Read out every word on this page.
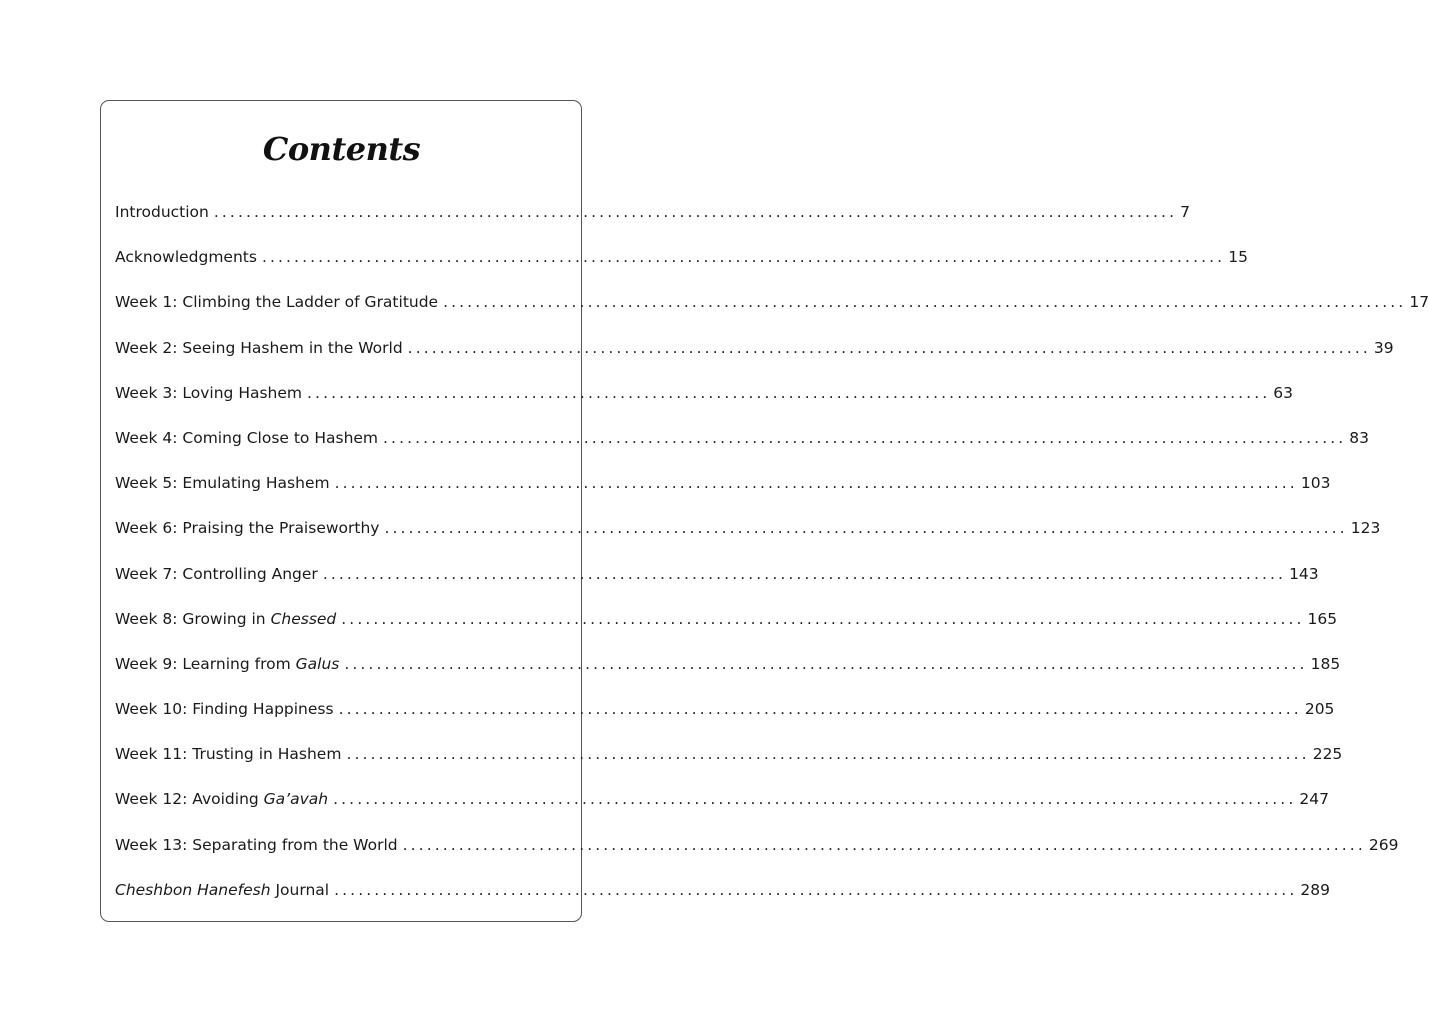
Contents
Introduction ........................................................................................................................ 7
Acknowledgments ........................................................................................................................ 15
Week 1: Climbing the Ladder of Gratitude ........................................................................................................................ 17
Week 2: Seeing Hashem in the World ........................................................................................................................ 39
Week 3: Loving Hashem ........................................................................................................................ 63
Week 4: Coming Close to Hashem ........................................................................................................................ 83
Week 5: Emulating Hashem ........................................................................................................................ 103
Week 6: Praising the Praiseworthy ........................................................................................................................ 123
Week 7: Controlling Anger ........................................................................................................................ 143
Week 8: Growing in Chessed ........................................................................................................................ 165
Week 9: Learning from Galus ........................................................................................................................ 185
Week 10: Finding Happiness ........................................................................................................................ 205
Week 11: Trusting in Hashem ........................................................................................................................ 225
Week 12: Avoiding Ga’avah ........................................................................................................................ 247
Week 13: Separating from the World ........................................................................................................................ 269
Cheshbon Hanefesh Journal ........................................................................................................................ 289
